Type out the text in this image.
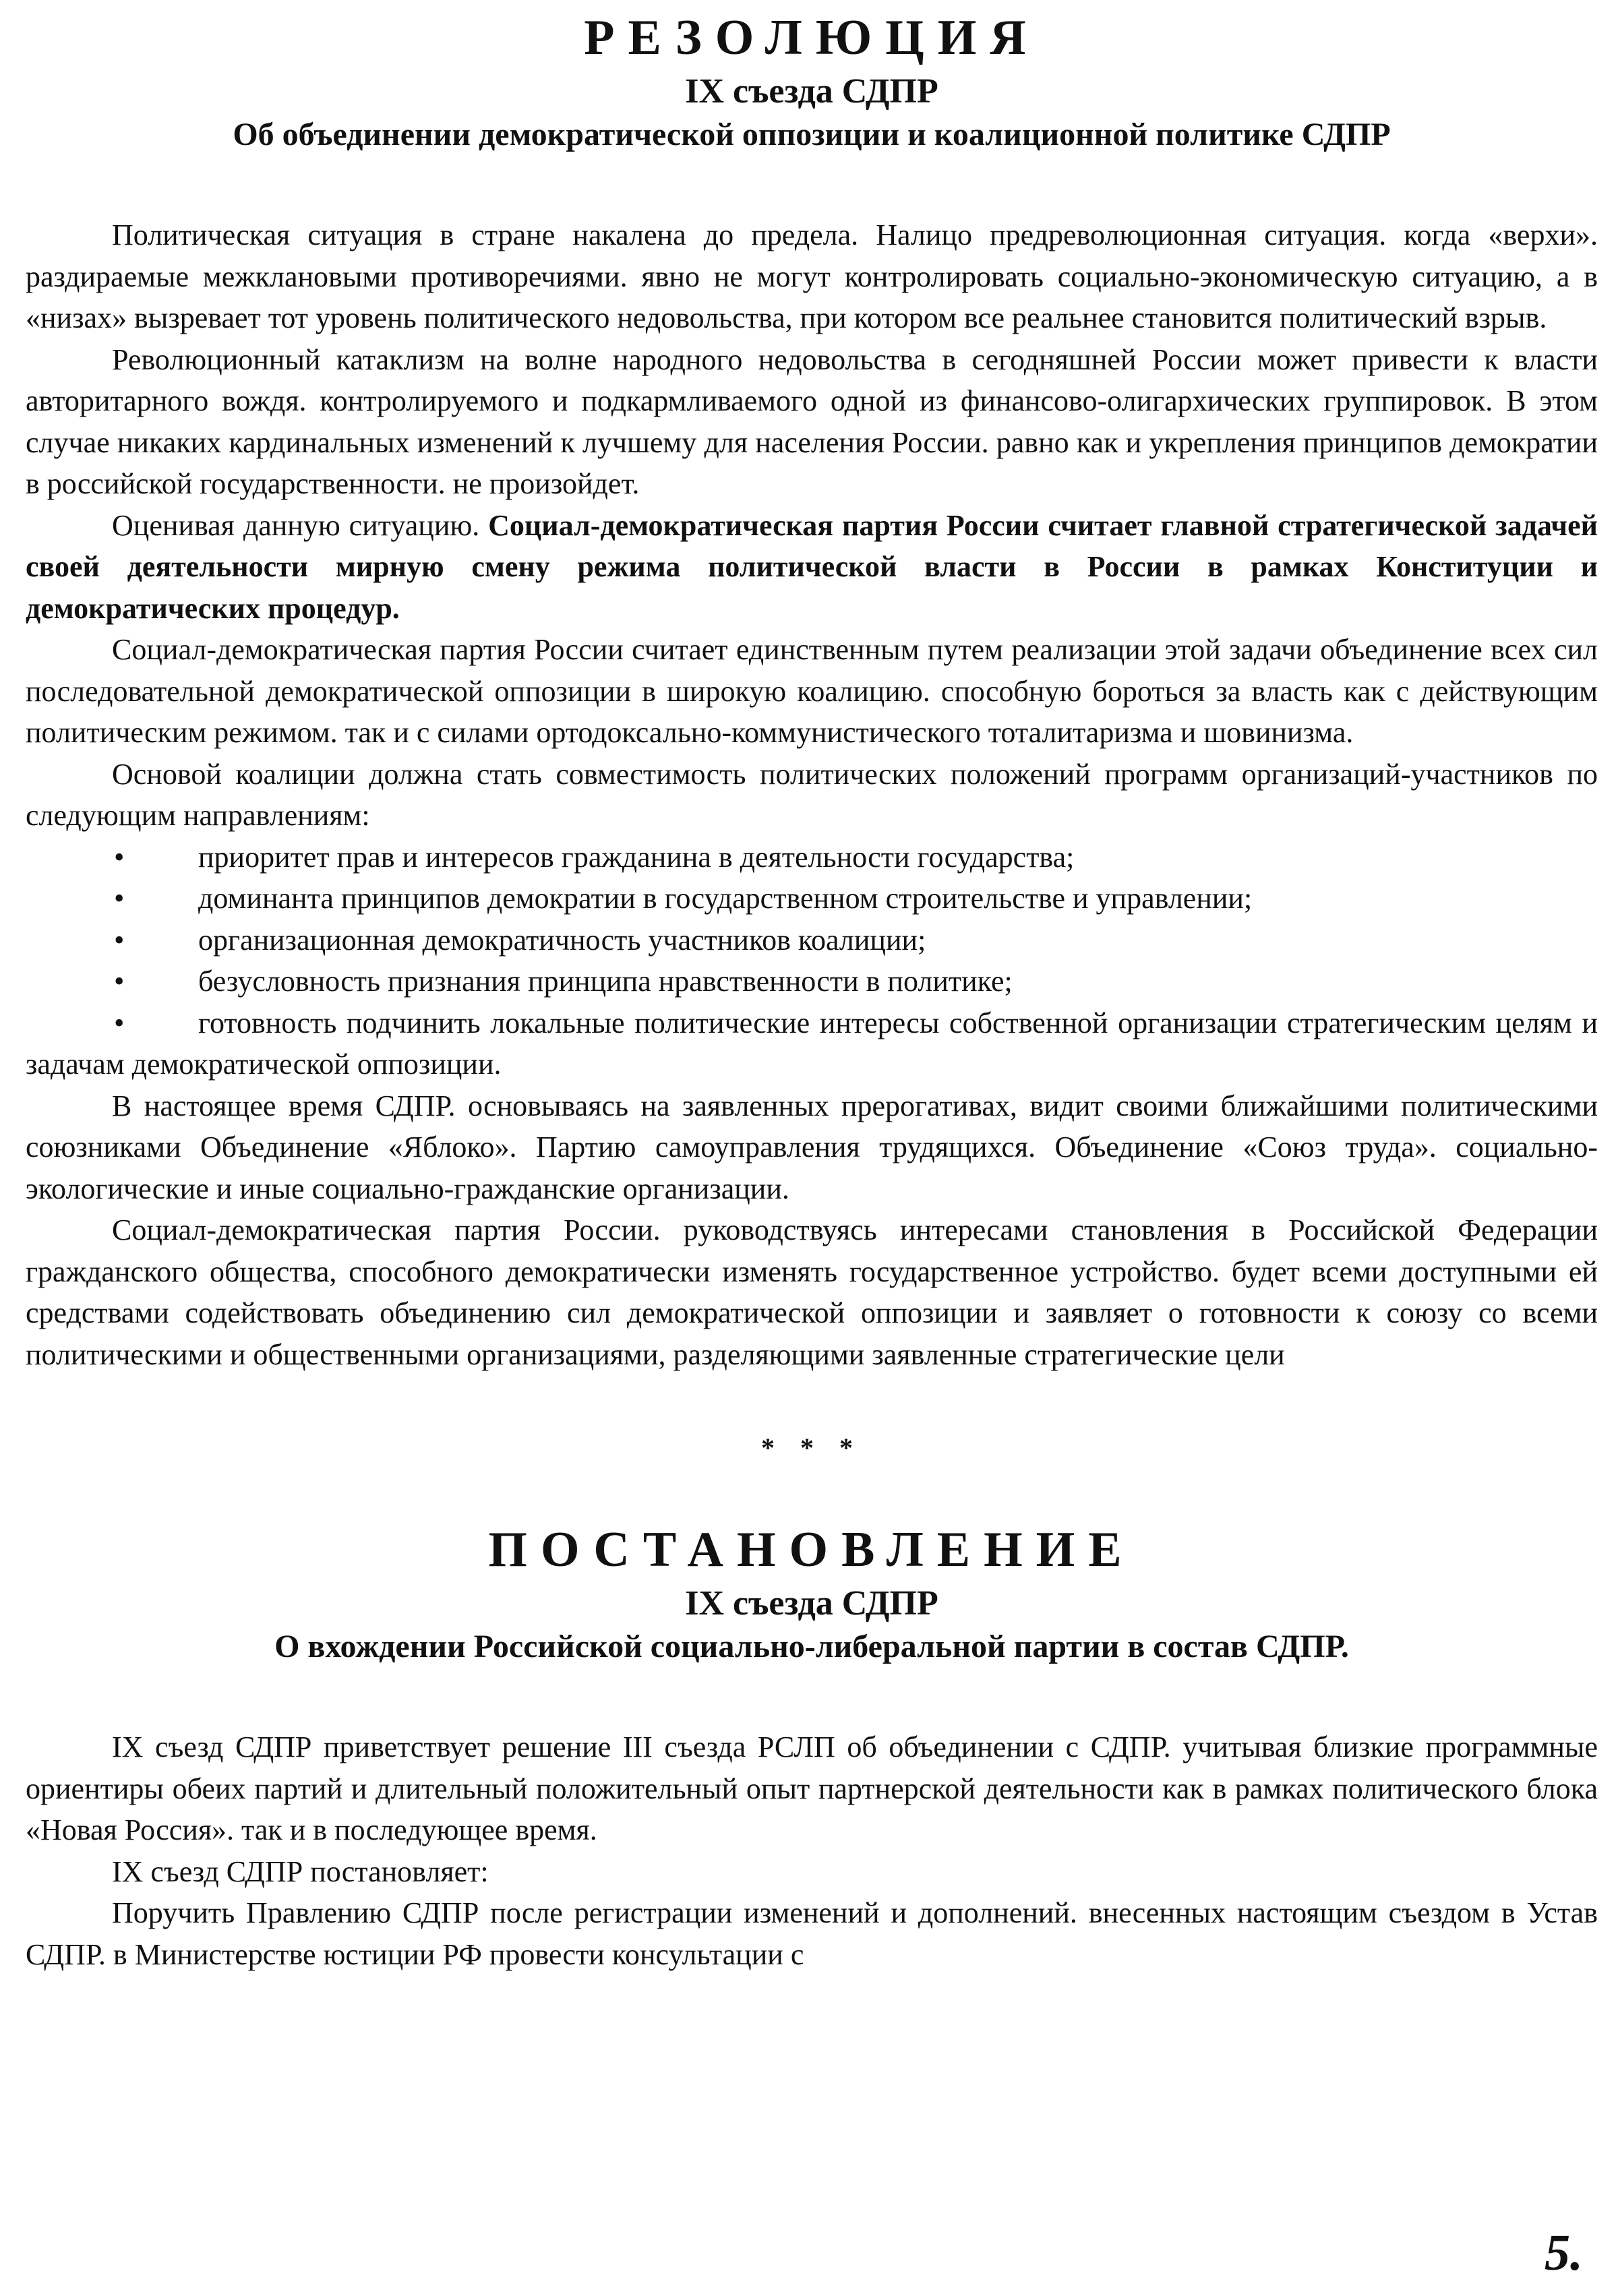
РЕЗОЛЮЦИЯ
IX съезда СДПР
Об объединении демократической оппозиции и коалиционной политике СДПР

Политическая ситуация в стране накалена до предела. Налицо предреволюционная ситуация. когда «верхи». раздираемые межклановыми противоречиями. явно не могут контролировать социально-экономическую ситуацию, а в «низах» вызревает тот уровень политического недовольства, при котором все реальнее становится политический взрыв.

Революционный катаклизм на волне народного недовольства в сегодняшней России может привести к власти авторитарного вождя. контролируемого и подкармливаемого одной из финансово-олигархических группировок. В этом случае никаких кардинальных изменений к лучшему для населения России. равно как и укрепления принципов демократии в российской государственности. не произойдет.

Оценивая данную ситуацию. Социал-демократическая партия России считает главной стратегической задачей своей деятельности мирную смену режима политической власти в России в рамках Конституции и демократических процедур.

Социал-демократическая партия России считает единственным путем реализации этой задачи объединение всех сил последовательной демократической оппозиции в широкую коалицию. способную бороться за власть как с действующим политическим режимом. так и с силами ортодоксально-коммунистического тоталитаризма и шовинизма.

Основой коалиции должна стать совместимость политических положений программ организаций-участников по следующим направлениям:

• приоритет прав и интересов гражданина в деятельности государства;
• доминанта принципов демократии в государственном строительстве и управлении;
• организационная демократичность участников коалиции;
• безусловность признания принципа нравственности в политике;
• готовность подчинить локальные политические интересы собственной организации стратегическим целям и задачам демократической оппозиции.

В настоящее время СДПР. основываясь на заявленных прерогативах, видит своими ближайшими политическими союзниками Объединение «Яблоко». Партию самоуправления трудящихся. Объединение «Союз труда». социально-экологические и иные социально-гражданские организации.

Социал-демократическая партия России. руководствуясь интересами становления в Российской Федерации гражданского общества, способного демократически изменять государственное устройство. будет всеми доступными ей средствами содействовать объединению сил демократической оппозиции и заявляет о готовности к союзу со всеми политическими и общественными организациями, разделяющими заявленные стратегические цели

* * *
ПОСТАНОВЛЕНИЕ
IX съезда СДПР
О вхождении Российской социально-либеральной партии в состав СДПР.

IX съезд СДПР приветствует решение III съезда РСЛП об объединении с СДПР. учитывая близкие программные ориентиры обеих партий и длительный положительный опыт партнерской деятельности как в рамках политического блока «Новая Россия». так и в последующее время.

IX съезд СДПР постановляет:

Поручить Правлению СДПР после регистрации изменений и дополнений. внесенных настоящим съездом в Устав СДПР. в Министерстве юстиции РФ провести консультации с

5.
